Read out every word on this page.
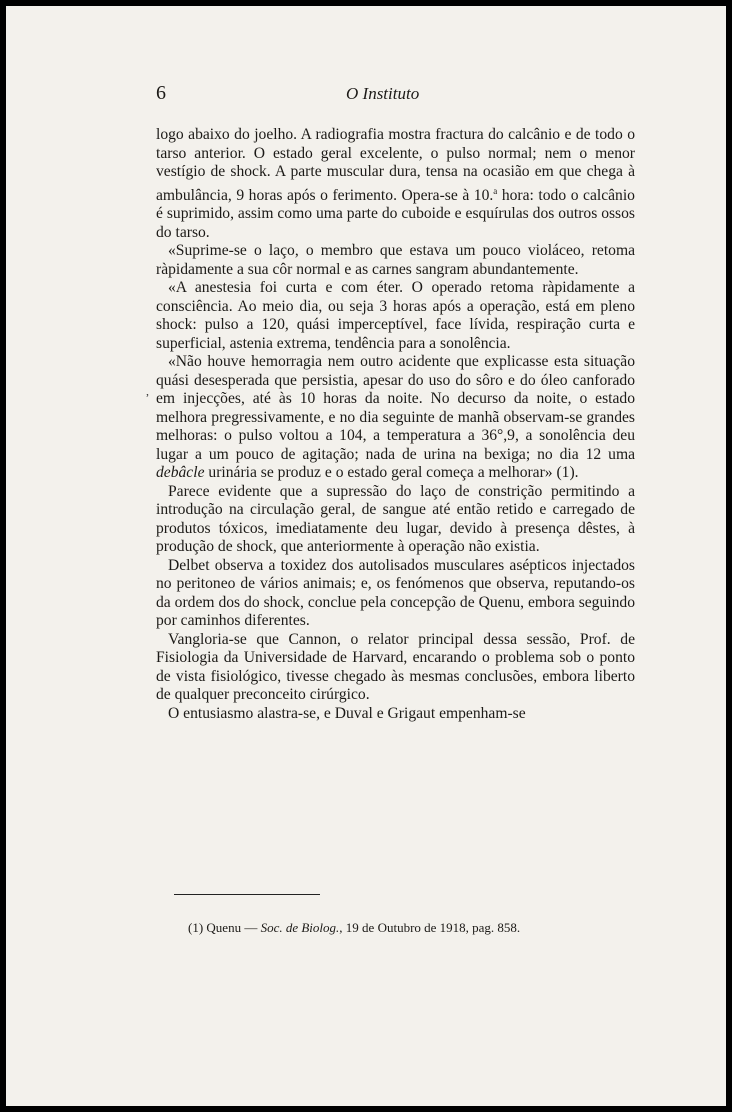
6	O Instituto

logo abaixo do joelho. A radiografia mostra fractura do calcânio e de todo o tarso anterior. O estado geral excelente, o pulso normal; nem o menor vestígio de shock. A parte muscular dura, tensa na ocasião em que chega à ambulância, 9 horas após o ferimento. Opera-se à 10.$^a$ hora: todo o calcânio é suprimido, assim como uma parte do cuboide e esquírulas dos outros ossos do tarso.

«Suprime-se o laço, o membro que estava um pouco violáceo, retoma ràpidamente a sua côr normal e as carnes sangram abundantemente.

«A anestesia foi curta e com éter. O operado retoma ràpidamente a consciência. Ao meio dia, ou seja 3 horas após a operação, está em pleno shock: pulso a 120, quási imperceptível, face lívida, respiração curta e superficial, astenia extrema, tendência para a sonolência.

«Não houve hemorragia nem outro acidente que explicasse esta situação quási desesperada que persistia, apesar do uso do sôro e do óleo canforado em injecções, até às 10 horas da noite. No decurso da noite, o estado melhora pregressivamente, e no dia seguinte de manhã observam-se grandes melhoras: o pulso voltou a 104, a temperatura a 36°,9, a sonolência deu lugar a um pouco de agitação; nada de urina na bexiga; no dia 12 uma debâcle urinária se produz e o estado geral começa a melhorar» (1).

Parece evidente que a supressão do laço de constrição permitindo a introdução na circulação geral, de sangue até então retido e carregado de produtos tóxicos, imediatamente deu lugar, devido à presença dêstes, à produção de shock, que anteriormente à operação não existia.

Delbet observa a toxidez dos autolisados musculares asépticos injectados no peritoneo de vários animais; e, os fenómenos que observa, reputando-os da ordem dos do shock, conclue pela concepção de Quenu, embora seguindo por caminhos diferentes.

Vangloria-se que Cannon, o relator principal dessa sessão, Prof. de Fisiologia da Universidade de Harvard, encarando o problema sob o ponto de vista fisiológico, tivesse chegado às mesmas conclusões, embora liberto de qualquer preconceito cirúrgico.

O entusiasmo alastra-se, e Duval e Grigaut empenham-se

,
(1) Quenu — Soc. de Biolog., 19 de Outubro de 1918, pag. 858.
